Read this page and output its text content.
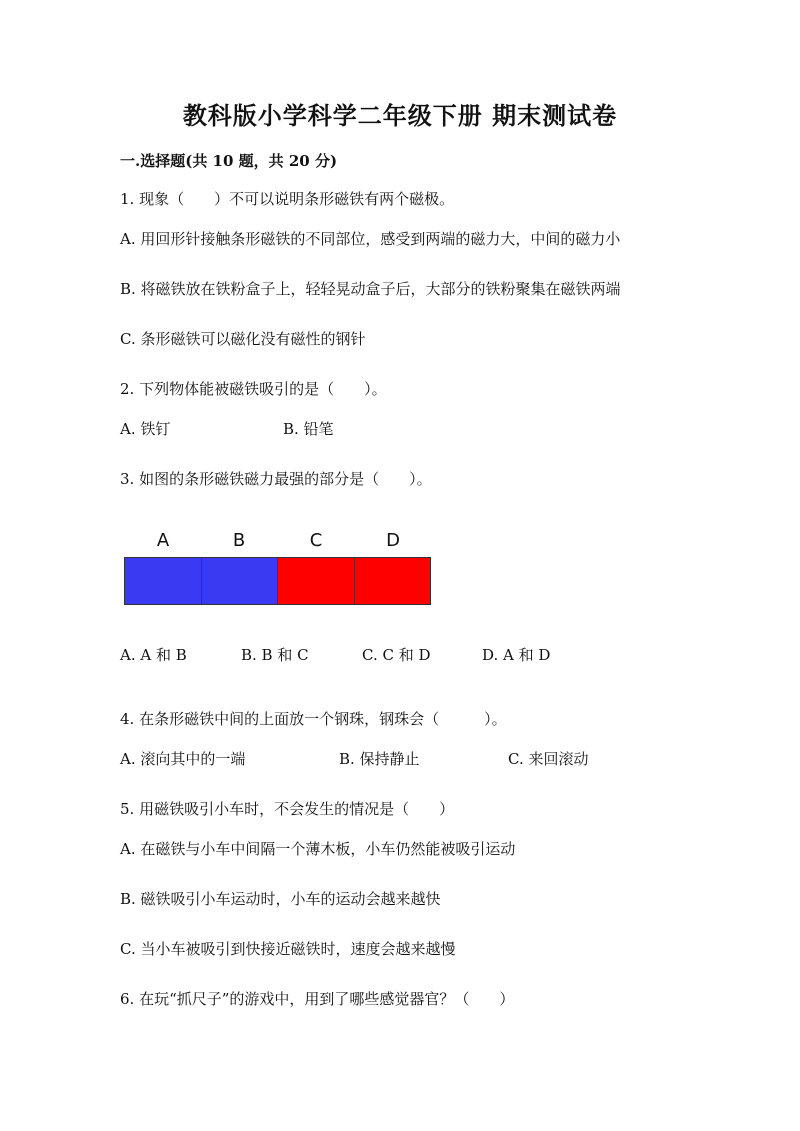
教科版小学科学二年级下册 期末测试卷
一.选择题(共 10 题，共 20 分)
1. 现象（　　）不可以说明条形磁铁有两个磁极。
A. 用回形针接触条形磁铁的不同部位，感受到两端的磁力大，中间的磁力小
B. 将磁铁放在铁粉盒子上，轻轻晃动盒子后，大部分的铁粉聚集在磁铁两端
C. 条形磁铁可以磁化没有磁性的钢针
2. 下列物体能被磁铁吸引的是（　　）。
A. 铁钉	B. 铅笔
3. 如图的条形磁铁磁力最强的部分是（　　）。
A	B	C	D
A. A 和 B	B. B 和 C	C. C 和 D	D. A 和 D
4. 在条形磁铁中间的上面放一个钢珠，钢珠会（　　　）。
A. 滚向其中的一端	B. 保持静止	C. 来回滚动
5. 用磁铁吸引小车时，不会发生的情况是（　　）
A. 在磁铁与小车中间隔一个薄木板，小车仍然能被吸引运动
B. 磁铁吸引小车运动时，小车的运动会越来越快
C. 当小车被吸引到快接近磁铁时，速度会越来越慢
6. 在玩“抓尺子”的游戏中，用到了哪些感觉器官？（　　）
